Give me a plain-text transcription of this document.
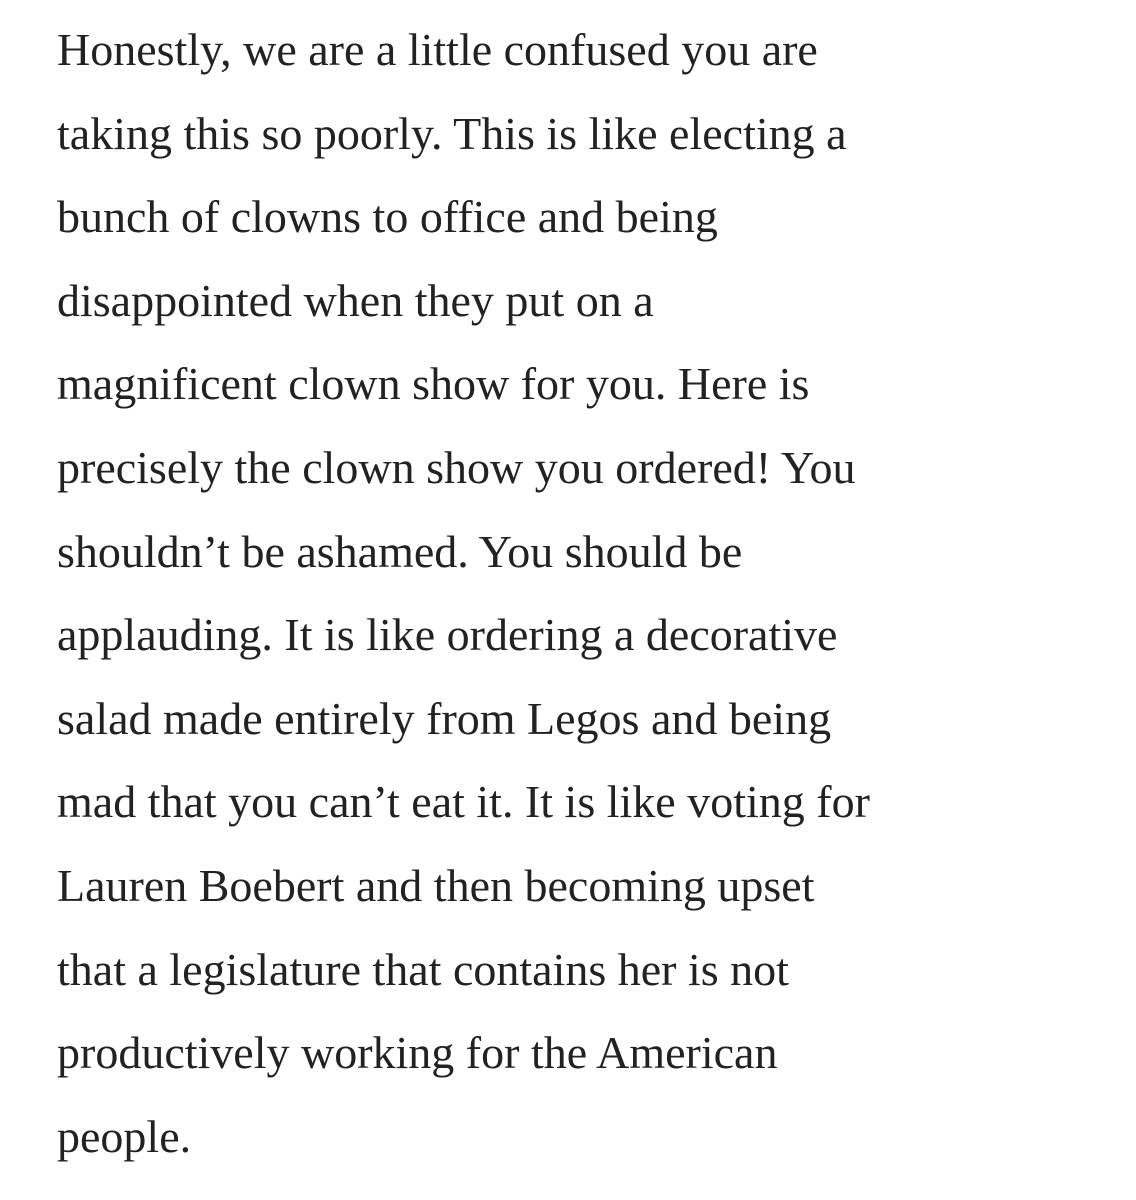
Honestly, we are a little confused you are
taking this so poorly. This is like electing a
bunch of clowns to office and being
disappointed when they put on a
magnificent clown show for you. Here is
precisely the clown show you ordered! You
shouldn’t be ashamed. You should be
applauding. It is like ordering a decorative
salad made entirely from Legos and being
mad that you can’t eat it. It is like voting for
Lauren Boebert and then becoming upset
that a legislature that contains her is not
productively working for the American
people.
